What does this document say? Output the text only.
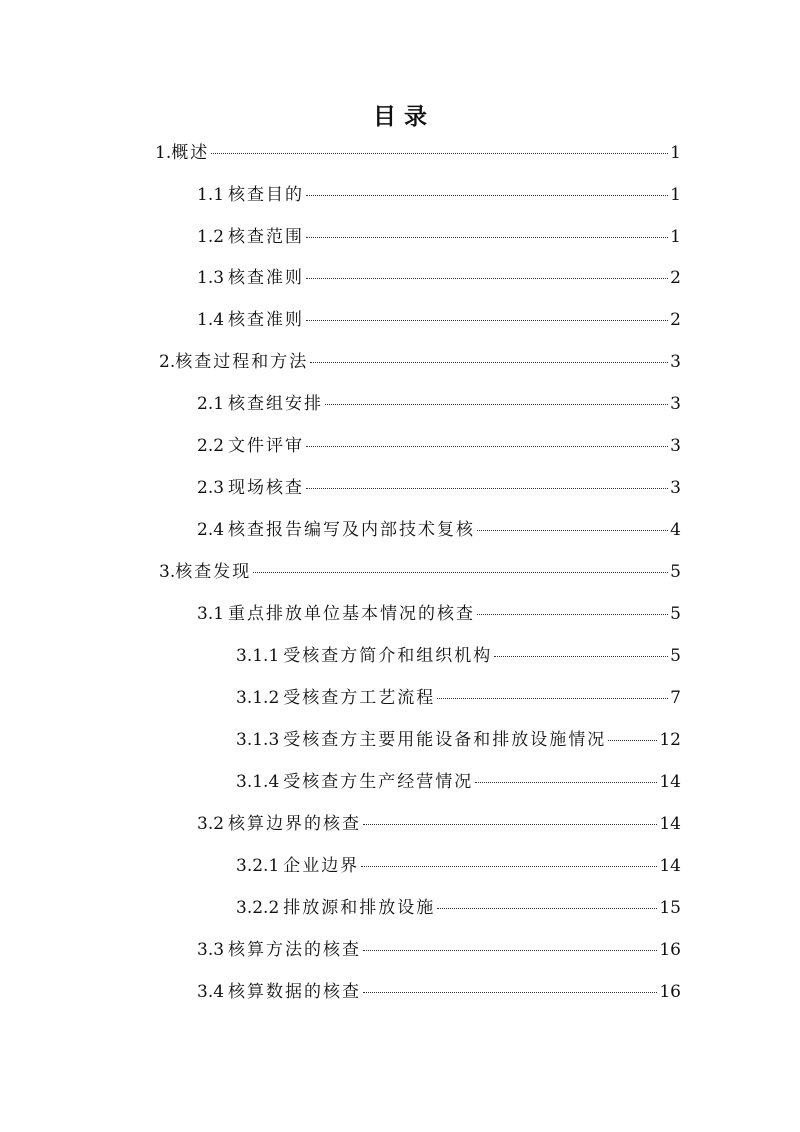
目 录
1. 概述	1
1.1 核查目的	1
1.2 核查范围	1
1.3 核查准则	2
1.4 核查准则	2
2. 核查过程和方法	3
2.1 核查组安排	3
2.2 文件评审	3
2.3 现场核查	3
2.4 核查报告编写及内部技术复核	4
3. 核查发现	5
3.1 重点排放单位基本情况的核查	5
3.1.1 受核查方简介和组织机构	5
3.1.2 受核查方工艺流程	7
3.1.3 受核查方主要用能设备和排放设施情况	12
3.1.4 受核查方生产经营情况	14
3.2 核算边界的核查	14
3.2.1 企业边界	14
3.2.2 排放源和排放设施	15
3.3 核算方法的核查	16
3.4 核算数据的核查	16
